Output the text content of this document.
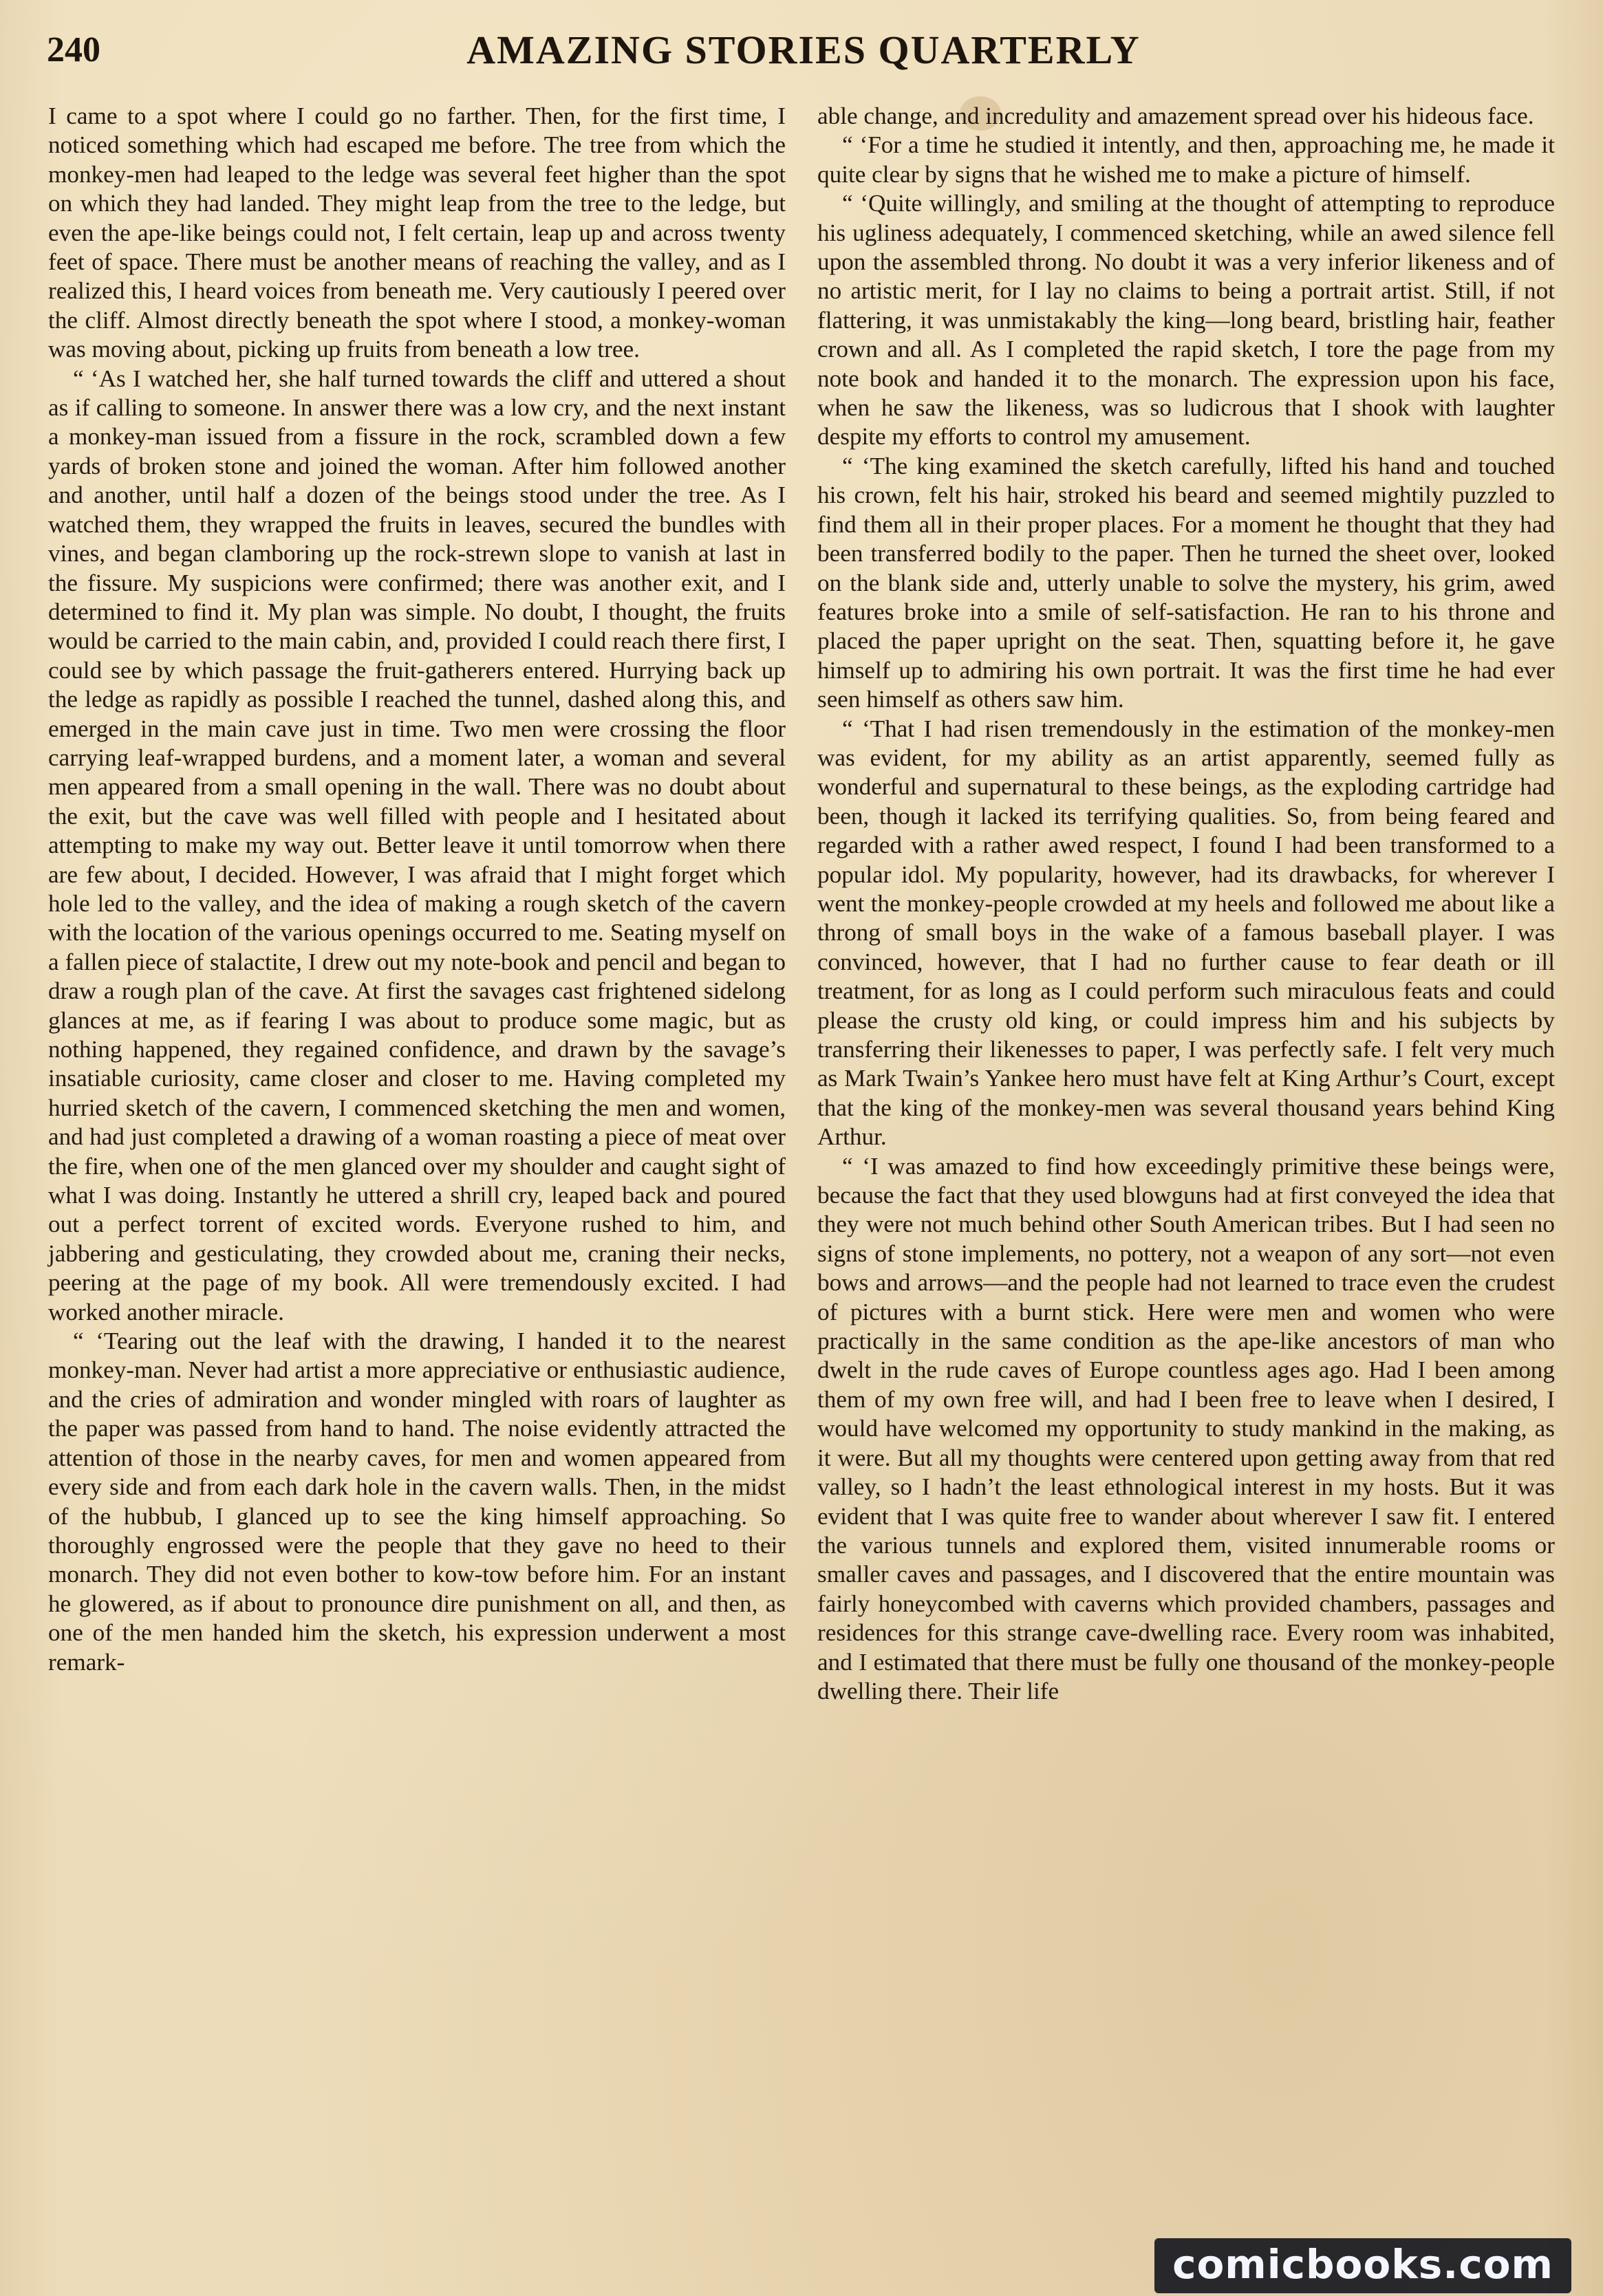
240	AMAZING STORIES QUARTERLY

I came to a spot where I could go no farther. Then, for the first time, I noticed something which had escaped me before. The tree from which the monkey-men had leaped to the ledge was several feet higher than the spot on which they had landed. They might leap from the tree to the ledge, but even the ape-like beings could not, I felt certain, leap up and across twenty feet of space. There must be another means of reaching the valley, and as I realized this, I heard voices from beneath me. Very cautiously I peered over the cliff. Almost directly beneath the spot where I stood, a monkey-woman was moving about, picking up fruits from beneath a low tree.

“ ‘As I watched her, she half turned towards the cliff and uttered a shout as if calling to someone. In answer there was a low cry, and the next instant a monkey-man issued from a fissure in the rock, scrambled down a few yards of broken stone and joined the woman. After him followed another and another, until half a dozen of the beings stood under the tree. As I watched them, they wrapped the fruits in leaves, secured the bundles with vines, and began clamboring up the rock-strewn slope to vanish at last in the fissure. My suspicions were confirmed; there was another exit, and I determined to find it. My plan was simple. No doubt, I thought, the fruits would be carried to the main cabin, and, provided I could reach there first, I could see by which passage the fruit-gatherers entered. Hurrying back up the ledge as rapidly as possible I reached the tunnel, dashed along this, and emerged in the main cave just in time. Two men were crossing the floor carrying leaf-wrapped burdens, and a moment later, a woman and several men appeared from a small opening in the wall. There was no doubt about the exit, but the cave was well filled with people and I hesitated about attempting to make my way out. Better leave it until tomorrow when there are few about, I decided. However, I was afraid that I might forget which hole led to the valley, and the idea of making a rough sketch of the cavern with the location of the various openings occurred to me. Seating myself on a fallen piece of stalactite, I drew out my note-book and pencil and began to draw a rough plan of the cave. At first the savages cast frightened sidelong glances at me, as if fearing I was about to produce some magic, but as nothing happened, they regained confidence, and drawn by the savage’s insatiable curiosity, came closer and closer to me. Having completed my hurried sketch of the cavern, I commenced sketching the men and women, and had just completed a drawing of a woman roasting a piece of meat over the fire, when one of the men glanced over my shoulder and caught sight of what I was doing. Instantly he uttered a shrill cry, leaped back and poured out a perfect torrent of excited words. Everyone rushed to him, and jabbering and gesticulating, they crowded about me, craning their necks, peering at the page of my book. All were tremendously excited. I had worked another miracle.

“ ‘Tearing out the leaf with the drawing, I handed it to the nearest monkey-man. Never had artist a more appreciative or enthusiastic audience, and the cries of admiration and wonder mingled with roars of laughter as the paper was passed from hand to hand. The noise evidently attracted the attention of those in the nearby caves, for men and women appeared from every side and from each dark hole in the cavern walls. Then, in the midst of the hubbub, I glanced up to see the king himself approaching. So thoroughly engrossed were the people that they gave no heed to their monarch. They did not even bother to kow-tow before him. For an instant he glowered, as if about to pronounce dire punishment on all, and then, as one of the men handed him the sketch, his expression underwent a most remark-

able change, and incredulity and amazement spread over his hideous face.

“ ‘For a time he studied it intently, and then, approaching me, he made it quite clear by signs that he wished me to make a picture of himself.

“ ‘Quite willingly, and smiling at the thought of attempting to reproduce his ugliness adequately, I commenced sketching, while an awed silence fell upon the assembled throng. No doubt it was a very inferior likeness and of no artistic merit, for I lay no claims to being a portrait artist. Still, if not flattering, it was unmistakably the king—long beard, bristling hair, feather crown and all. As I completed the rapid sketch, I tore the page from my note book and handed it to the monarch. The expression upon his face, when he saw the likeness, was so ludicrous that I shook with laughter despite my efforts to control my amusement.

“ ‘The king examined the sketch carefully, lifted his hand and touched his crown, felt his hair, stroked his beard and seemed mightily puzzled to find them all in their proper places. For a moment he thought that they had been transferred bodily to the paper. Then he turned the sheet over, looked on the blank side and, utterly unable to solve the mystery, his grim, awed features broke into a smile of self-satisfaction. He ran to his throne and placed the paper upright on the seat. Then, squatting before it, he gave himself up to admiring his own portrait. It was the first time he had ever seen himself as others saw him.

“ ‘That I had risen tremendously in the estimation of the monkey-men was evident, for my ability as an artist apparently, seemed fully as wonderful and supernatural to these beings, as the exploding cartridge had been, though it lacked its terrifying qualities. So, from being feared and regarded with a rather awed respect, I found I had been transformed to a popular idol. My popularity, however, had its drawbacks, for wherever I went the monkey-people crowded at my heels and followed me about like a throng of small boys in the wake of a famous baseball player. I was convinced, however, that I had no further cause to fear death or ill treatment, for as long as I could perform such miraculous feats and could please the crusty old king, or could impress him and his subjects by transferring their likenesses to paper, I was perfectly safe. I felt very much as Mark Twain’s Yankee hero must have felt at King Arthur’s Court, except that the king of the monkey-men was several thousand years behind King Arthur.

“ ‘I was amazed to find how exceedingly primitive these beings were, because the fact that they used blowguns had at first conveyed the idea that they were not much behind other South American tribes. But I had seen no signs of stone implements, no pottery, not a weapon of any sort—not even bows and arrows—and the people had not learned to trace even the crudest of pictures with a burnt stick. Here were men and women who were practically in the same condition as the ape-like ancestors of man who dwelt in the rude caves of Europe countless ages ago. Had I been among them of my own free will, and had I been free to leave when I desired, I would have welcomed my opportunity to study mankind in the making, as it were. But all my thoughts were centered upon getting away from that red valley, so I hadn’t the least ethnological interest in my hosts. But it was evident that I was quite free to wander about wherever I saw fit. I entered the various tunnels and explored them, visited innumerable rooms or smaller caves and passages, and I discovered that the entire mountain was fairly honeycombed with caverns which provided chambers, passages and residences for this strange cave-dwelling race. Every room was inhabited, and I estimated that there must be fully one thousand of the monkey-people dwelling there. Their life

comicbooks.com
